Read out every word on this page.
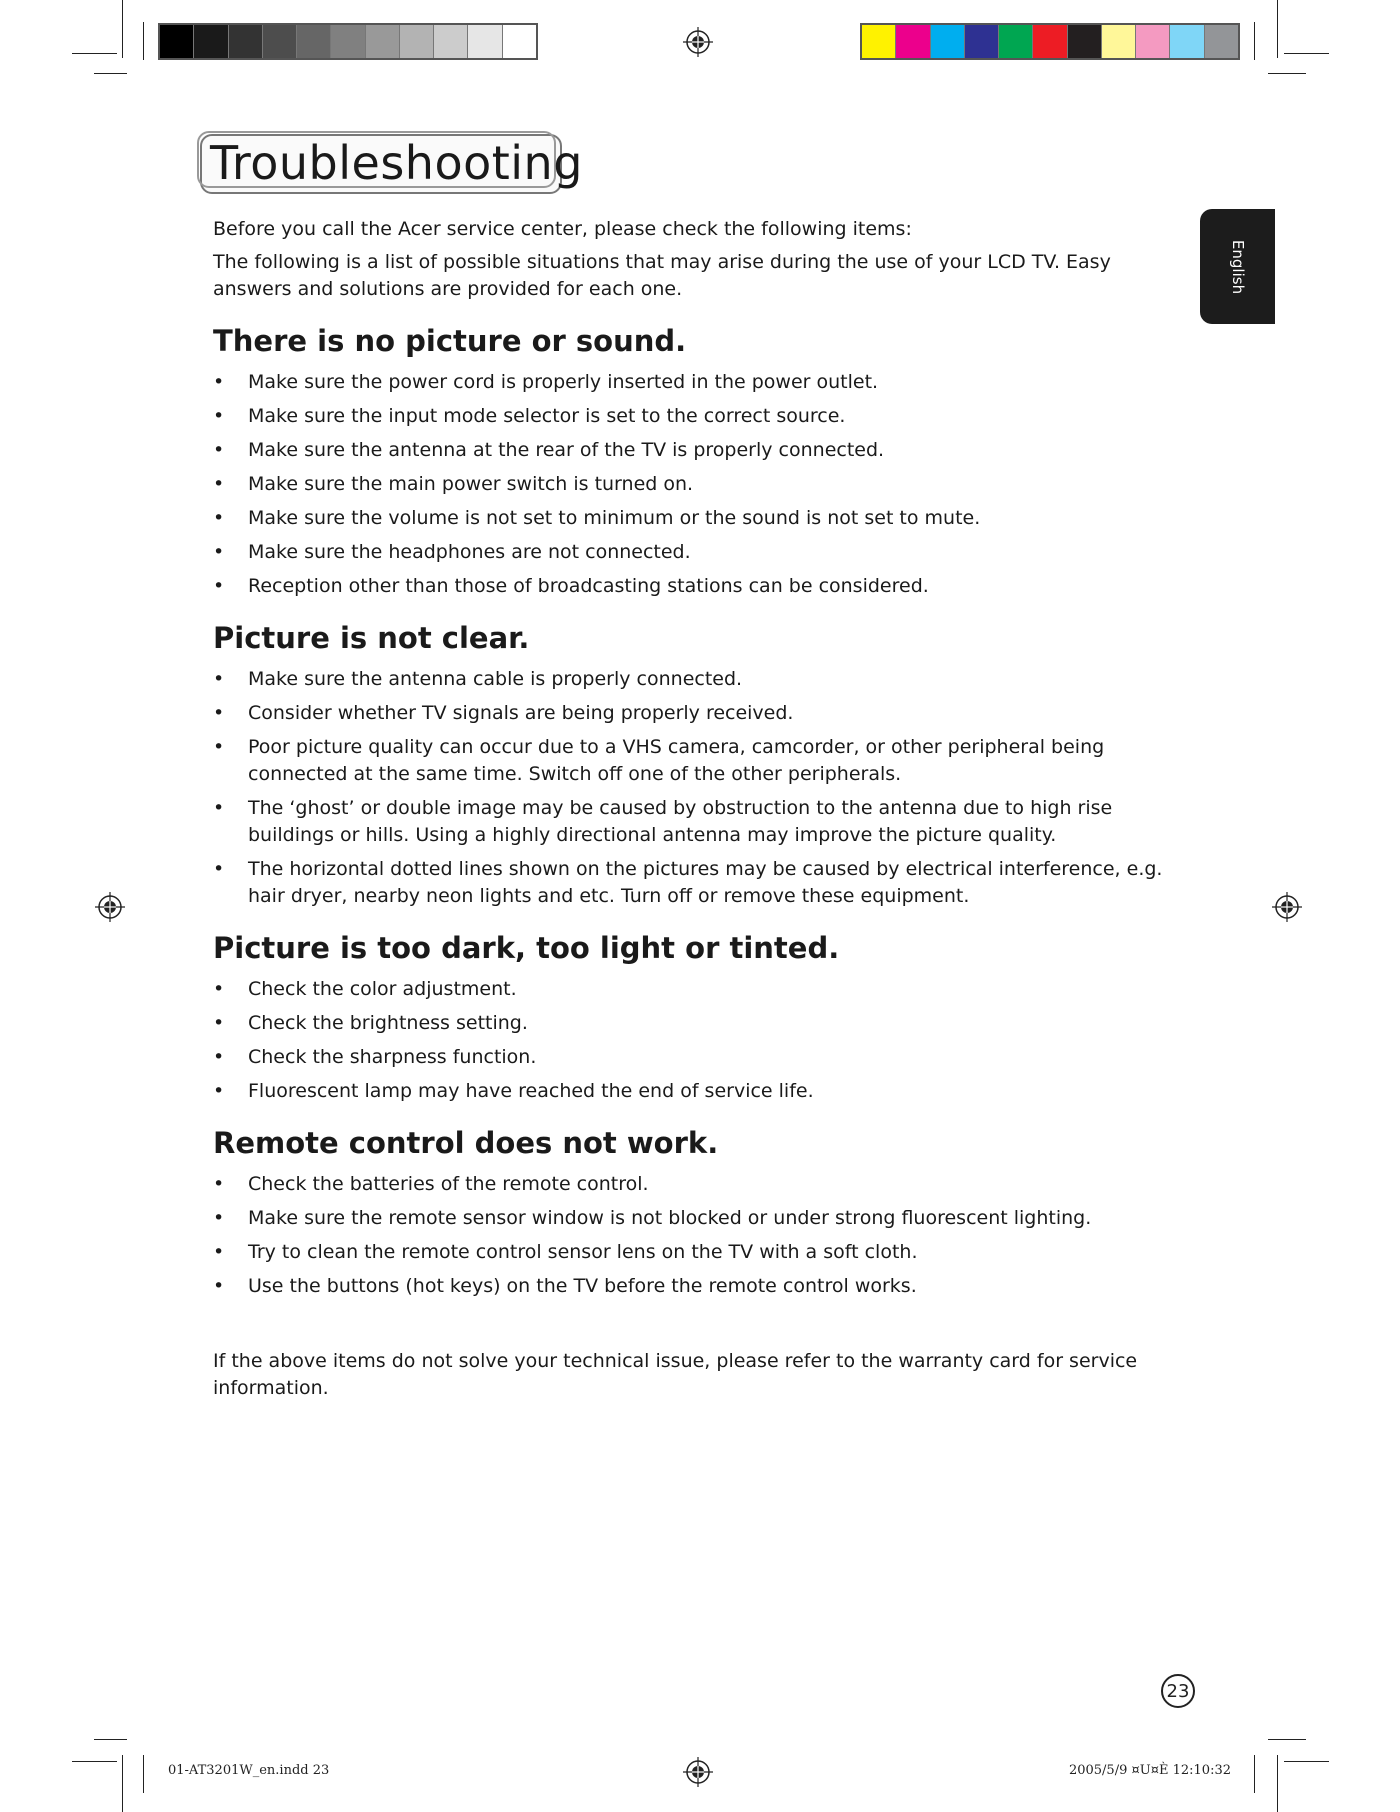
Troubleshooting
English

Before you call the Acer service center, please check the following items:

The following is a list of possible situations that may arise during the use of your LCD TV. Easy answers and solutions are provided for each one.

There is no picture or sound.
• Make sure the power cord is properly inserted in the power outlet.
• Make sure the input mode selector is set to the correct source.
• Make sure the antenna at the rear of the TV is properly connected.
• Make sure the main power switch is turned on.
• Make sure the volume is not set to minimum or the sound is not set to mute.
• Make sure the headphones are not connected.
• Reception other than those of broadcasting stations can be considered.
Picture is not clear.
• Make sure the antenna cable is properly connected.
• Consider whether TV signals are being properly received.
• Poor picture quality can occur due to a VHS camera, camcorder, or other peripheral being connected at the same time. Switch off one of the other peripherals.
• The ‘ghost’ or double image may be caused by obstruction to the antenna due to high rise buildings or hills. Using a highly directional antenna may improve the picture quality.
• The horizontal dotted lines shown on the pictures may be caused by electrical interference, e.g. hair dryer, nearby neon lights and etc. Turn off or remove these equipment.
Picture is too dark, too light or tinted.
• Check the color adjustment.
• Check the brightness setting.
• Check the sharpness function.
• Fluorescent lamp may have reached the end of service life.
Remote control does not work.
• Check the batteries of the remote control.
• Make sure the remote sensor window is not blocked or under strong fluorescent lighting.
• Try to clean the remote control sensor lens on the TV with a soft cloth.
• Use the buttons (hot keys) on the TV before the remote control works.

If the above items do not solve your technical issue, please refer to the warranty card for service information.

23
01-AT3201W_en.indd 23	2005/5/9 ¤U¤È 12:10:32
